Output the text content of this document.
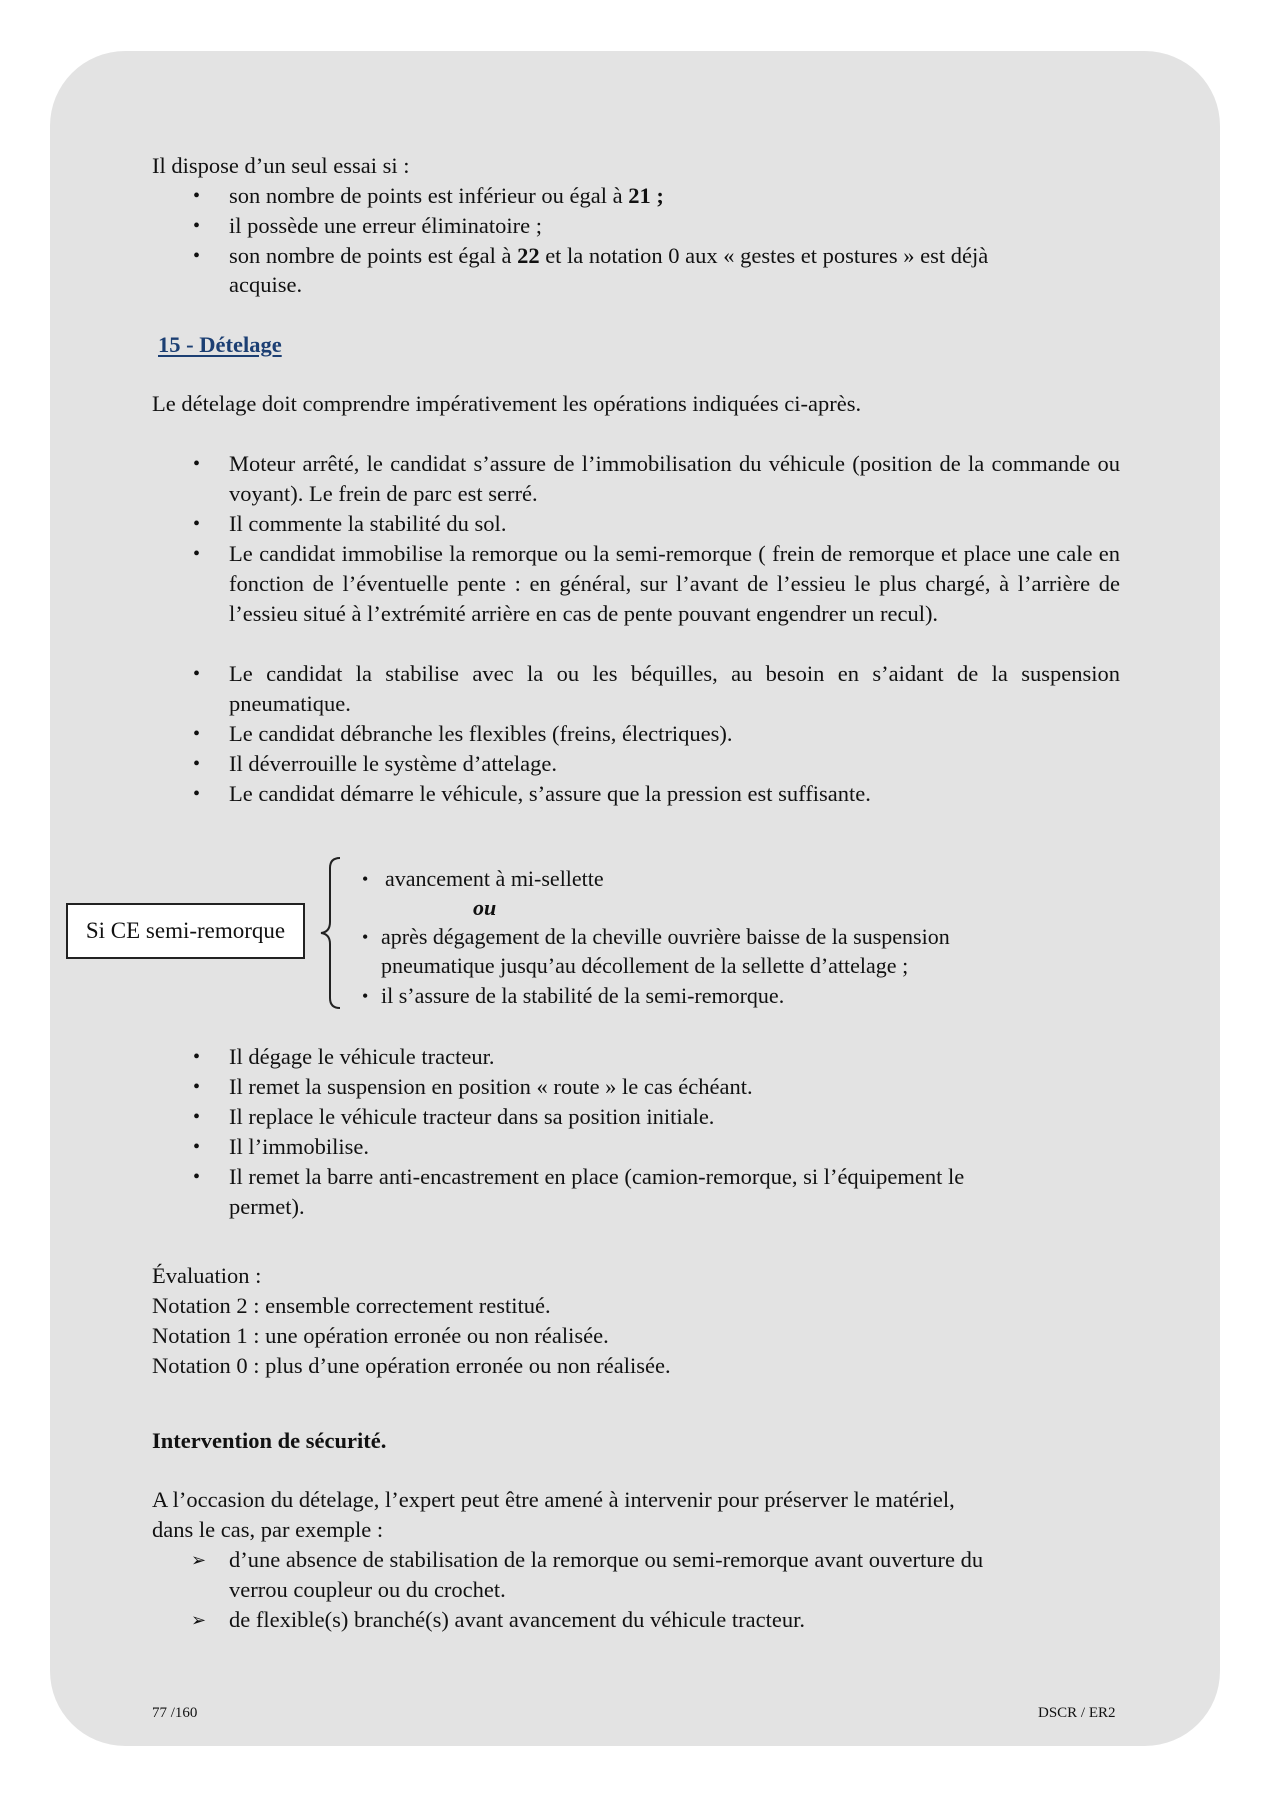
Il dispose d’un seul essai si :
• son nombre de points est inférieur ou égal à 21 ;
• il possède une erreur éliminatoire ;
• son nombre de points est égal à 22 et la notation 0 aux « gestes et postures » est déjà
acquise.
15 - Dételage
Le dételage doit comprendre impérativement les opérations indiquées ci-après.
• Moteur arrêté, le candidat s’assure de l’immobilisation du véhicule (position de la commande ou voyant). Le frein de parc est serré.
• Il commente la stabilité du sol.
• Le candidat immobilise la remorque ou la semi-remorque ( frein de remorque et place une cale en fonction de l’éventuelle pente : en général, sur l’avant de l’essieu le plus chargé, à l’arrière de l’essieu situé à l’extrémité arrière en cas de pente pouvant engendrer un recul).
• Le candidat la stabilise avec la ou les béquilles, au besoin en s’aidant de la suspension pneumatique.
• Le candidat débranche les flexibles (freins, électriques).
• Il déverrouille le système d’attelage.
• Le candidat démarre le véhicule, s’assure que la pression est suffisante.
Si CE semi-remorque
• avancement à mi-sellette
ou
• après dégagement de la cheville ouvrière baisse de la suspension
pneumatique jusqu’au décollement de la sellette d’attelage ;
• il s’assure de la stabilité de la semi-remorque.
• Il dégage le véhicule tracteur.
• Il remet la suspension en position « route » le cas échéant.
• Il replace le véhicule tracteur dans sa position initiale.
• Il l’immobilise.
• Il remet la barre anti-encastrement en place (camion-remorque, si l’équipement le
permet).
Évaluation :
Notation 2 : ensemble correctement restitué.
Notation 1 : une opération erronée ou non réalisée.
Notation 0 : plus d’une opération erronée ou non réalisée.
Intervention de sécurité.
A l’occasion du dételage, l’expert peut être amené à intervenir pour préserver le matériel,
dans le cas, par exemple :
➢ d’une absence de stabilisation de la remorque ou semi-remorque avant ouverture du
verrou coupleur ou du crochet.
➢ de flexible(s) branché(s) avant avancement du véhicule tracteur.
77 /160	DSCR / ER2
